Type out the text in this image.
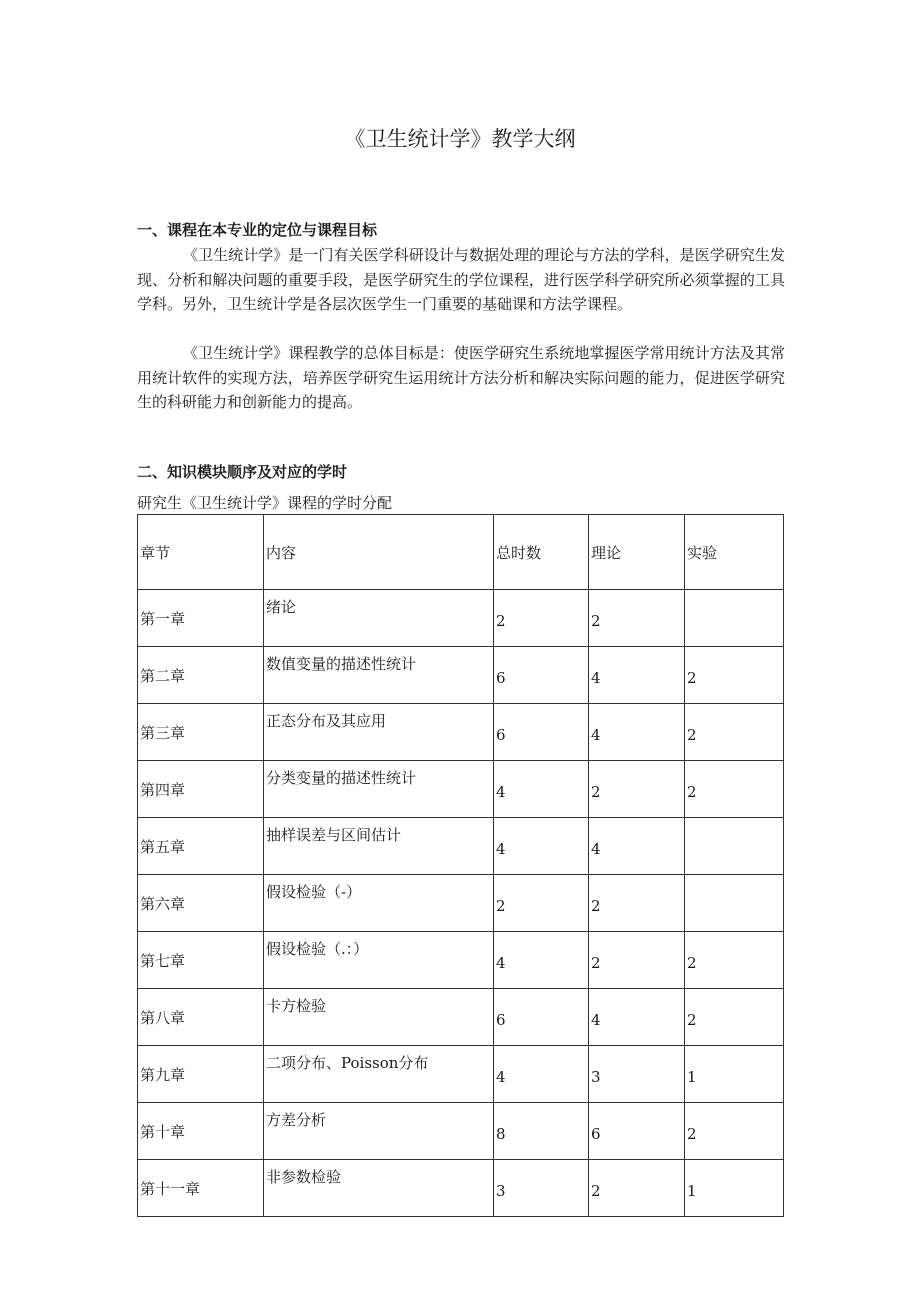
《卫生统计学》教学大纲
一、课程在本专业的定位与课程目标

《卫生统计学》是一门有关医学科研设计与数据处理的理论与方法的学科，是医学研究生发现、分析和解决问题的重要手段，是医学研究生的学位课程，进行医学科学研究所必须掌握的工具学科。另外，卫生统计学是各层次医学生一门重要的基础课和方法学课程。

《卫生统计学》课程教学的总体目标是：使医学研究生系统地掌握医学常用统计方法及其常用统计软件的实现方法，培养医学研究生运用统计方法分析和解决实际问题的能力，促进医学研究生的科研能力和创新能力的提高。

二、知识模块顺序及对应的学时
研究生《卫生统计学》课程的学时分配
章节	内容	总时数	理论	实验
第一章	绪论	2	2	
第二章	数值变量的描述性统计	6	4	2
第三章	正态分布及其应用	6	4	2
第四章	分类变量的描述性统计	4	2	2
第五章	抽样误差与区间估计	4	4	
第六章	假设检验（-）	2	2	
第七章	假设检验（.：）	4	2	2
第八章	卡方检验	6	4	2
第九章	二项分布、Poisson分布	4	3	1
第十章	方差分析	8	6	2
第十一章	非参数检验	3	2	1
